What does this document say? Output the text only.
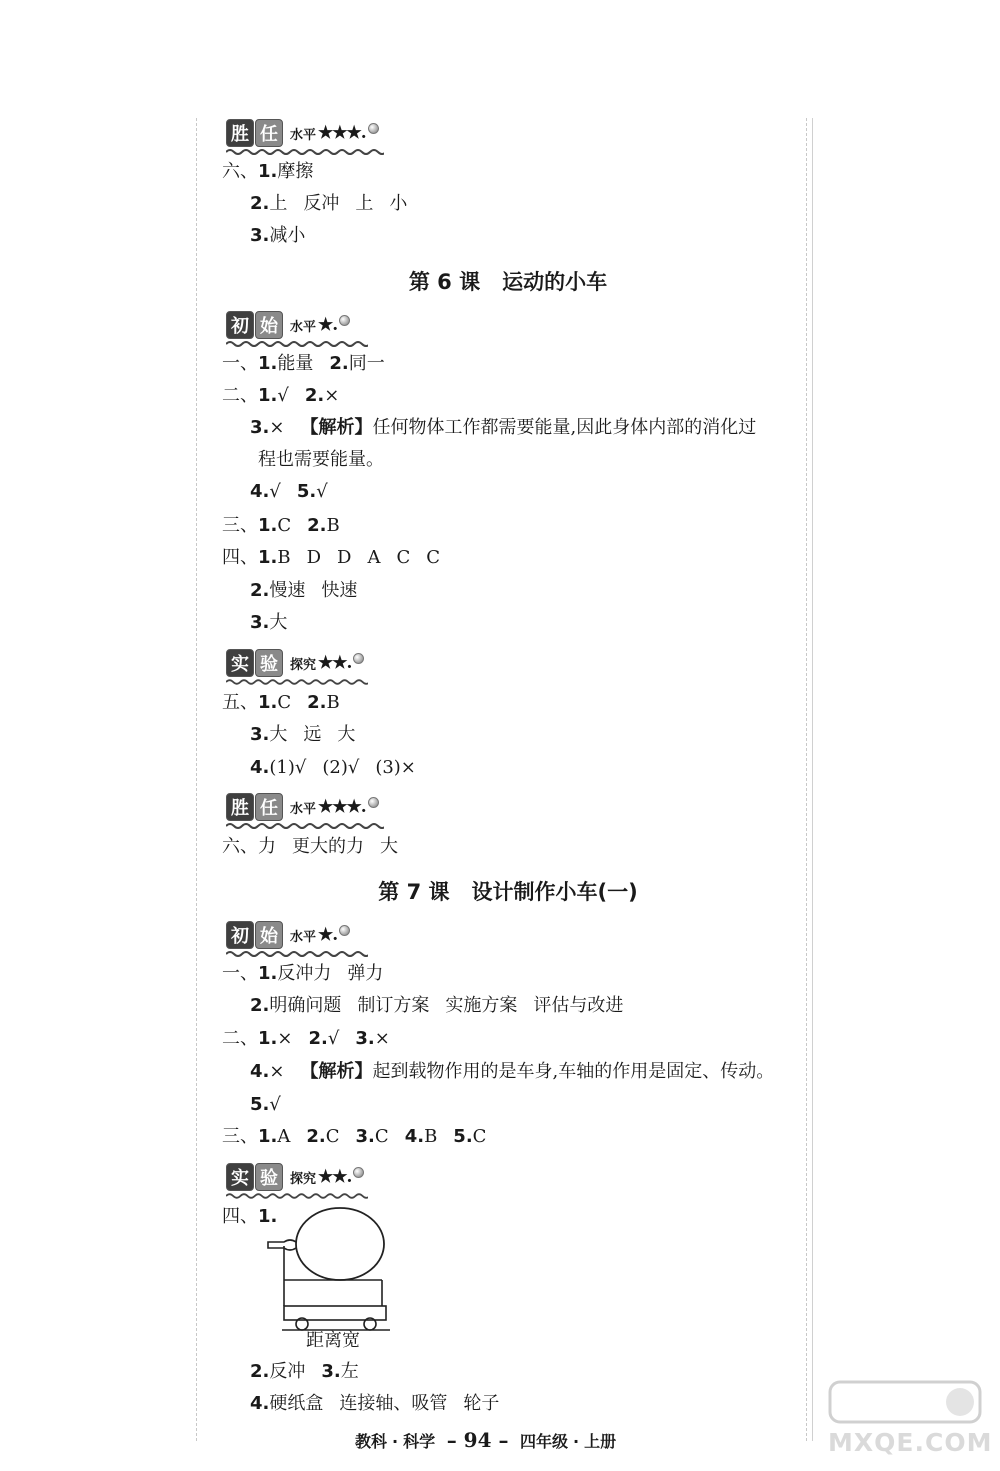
胜 任 水平 ★★★.
六、1.摩擦
2.上 反冲 上 小
3.减小
第 6 课 运动的小车
初 始 水平 ★.
一、1.能量 2.同一
二、1.√ 2.×
3.× 【解析】任何物体工作都需要能量,因此身体内部的消化过
程也需要能量。
4.√ 5.√
三、1.C 2.B
四、1.B D D A C C
2.慢速 快速
3.大
实 验 探究 ★★.
五、1.C 2.B
3.大 远 大
4.(1)√ (2)√ (3)×
胜 任 水平 ★★★.
六、力 更大的力 大
第 7 课 设计制作小车(一)
初 始 水平 ★.
一、1.反冲力 弹力
2.明确问题 制订方案 实施方案 评估与改进
二、1.× 2.√ 3.×
4.× 【解析】起到载物作用的是车身,车轴的作用是固定、传动。
5.√
三、1.A 2.C 3.C 4.B 5.C
实 验 探究 ★★.
四、1.
距离宽
2.反冲 3.左
4.硬纸盒 连接轴、吸管 轮子
教科 · 科学 – 94 – 四年级 · 上册	MXQE.COM
